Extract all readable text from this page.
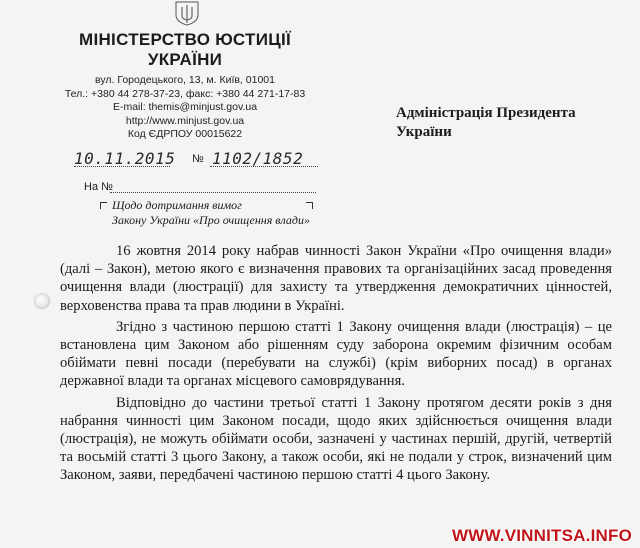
МІНІСТЕРСТВО ЮСТИЦІЇ
УКРАЇНИ
вул. Городецького, 13, м. Київ, 01001
Тел.: +380 44 278-37-23, факс: +380 44 271-17-83
E-mail: themis@minjust.gov.ua
http://www.minjust.gov.ua
Код ЄДРПОУ 00015622
10.11.2015 № 1102/1852
На №
Щодо дотримання вимог
Закону України «Про очищення влади»
Адміністрація Президента
України

16 жовтня 2014 року набрав чинності Закон України «Про очищення влади» (далі – Закон), метою якого є визначення правових та організаційних засад проведення очищення влади (люстрації) для захисту та утвердження демократичних цінностей, верховенства права та прав людини в Україні.

Згідно з частиною першою статті 1 Закону очищення влади (люстрація) – це встановлена цим Законом або рішенням суду заборона окремим фізичним особам обіймати певні посади (перебувати на службі) (крім виборних посад) в органах державної влади та органах місцевого самоврядування.

Відповідно до частини третьої статті 1 Закону протягом десяти років з дня набрання чинності цим Законом посади, щодо яких здійснюється очищення влади (люстрація), не можуть обіймати особи, зазначені у частинах першій, другій, четвертій та восьмій статті 3 цього Закону, а також особи, які не подали у строк, визначений цим Законом, заяви, передбачені частиною першою статті 4 цього Закону.

WWW.VINNITSA.INFO
